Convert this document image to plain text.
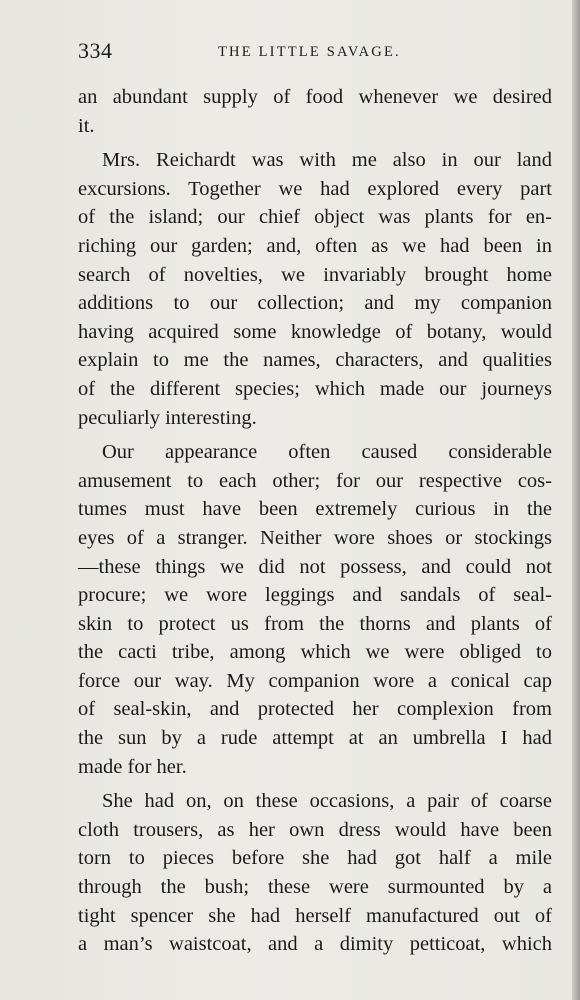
334	THE LITTLE SAVAGE.
an abundant supply of food whenever we desired
it.
Mrs. Reichardt was with me also in our land
excursions. Together we had explored every part
of the island; our chief object was plants for en-
riching our garden; and, often as we had been in
search of novelties, we invariably brought home
additions to our collection; and my companion
having acquired some knowledge of botany, would
explain to me the names, characters, and qualities
of the different species; which made our journeys
peculiarly interesting.
Our appearance often caused considerable
amusement to each other; for our respective cos-
tumes must have been extremely curious in the
eyes of a stranger. Neither wore shoes or stockings
—these things we did not possess, and could not
procure; we wore leggings and sandals of seal-
skin to protect us from the thorns and plants of
the cacti tribe, among which we were obliged to
force our way. My companion wore a conical cap
of seal-skin, and protected her complexion from
the sun by a rude attempt at an umbrella I had
made for her.
She had on, on these occasions, a pair of coarse
cloth trousers, as her own dress would have been
torn to pieces before she had got half a mile
through the bush; these were surmounted by a
tight spencer she had herself manufactured out of
a man’s waistcoat, and a dimity petticoat, which
